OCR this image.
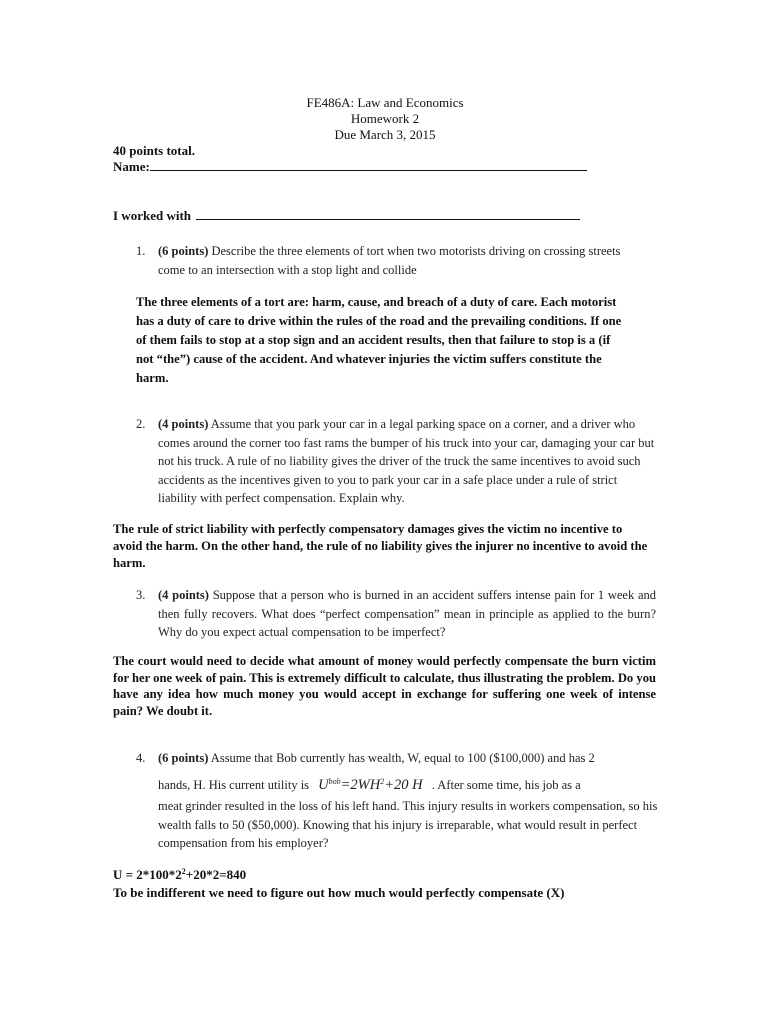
FE486A: Law and Economics
Homework 2
Due March 3, 2015
40 points total.
Name:
I worked with
1. (6 points) Describe the three elements of tort when two motorists driving on crossing streets come to an intersection with a stop light and collide
The three elements of a tort are: harm, cause, and breach of a duty of care. Each motorist has a duty of care to drive within the rules of the road and the prevailing conditions. If one of them fails to stop at a stop sign and an accident results, then that failure to stop is a (if not “the”) cause of the accident. And whatever injuries the victim suffers constitute the harm.
2. (4 points) Assume that you park your car in a legal parking space on a corner, and a driver who comes around the corner too fast rams the bumper of his truck into your car, damaging your car but not his truck. A rule of no liability gives the driver of the truck the same incentives to avoid such accidents as the incentives given to you to park your car in a safe place under a rule of strict liability with perfect compensation. Explain why.
The rule of strict liability with perfectly compensatory damages gives the victim no incentive to avoid the harm. On the other hand, the rule of no liability gives the injurer no incentive to avoid the harm.
3. (4 points) Suppose that a person who is burned in an accident suffers intense pain for 1 week and then fully recovers. What does “perfect compensation” mean in principle as applied to the burn? Why do you expect actual compensation to be imperfect?
The court would need to decide what amount of money would perfectly compensate the burn victim for her one week of pain. This is extremely difficult to calculate, thus illustrating the problem. Do you have any idea how much money you would accept in exchange for suffering one week of intense pain? We doubt it.
4. (6 points) Assume that Bob currently has wealth, W, equal to 100 ($100,000) and has 2
hands, H. His current utility is $U^{bob}=2WH^2+20$ H . After some time, his job as a
meat grinder resulted in the loss of his left hand. This injury results in workers compensation, so his wealth falls to 50 ($50,000). Knowing that his injury is irreparable, what would result in perfect compensation from his employer?
$U = 2*100*2^2+20*2=840$
To be indifferent we need to figure out how much would perfectly compensate (X)
